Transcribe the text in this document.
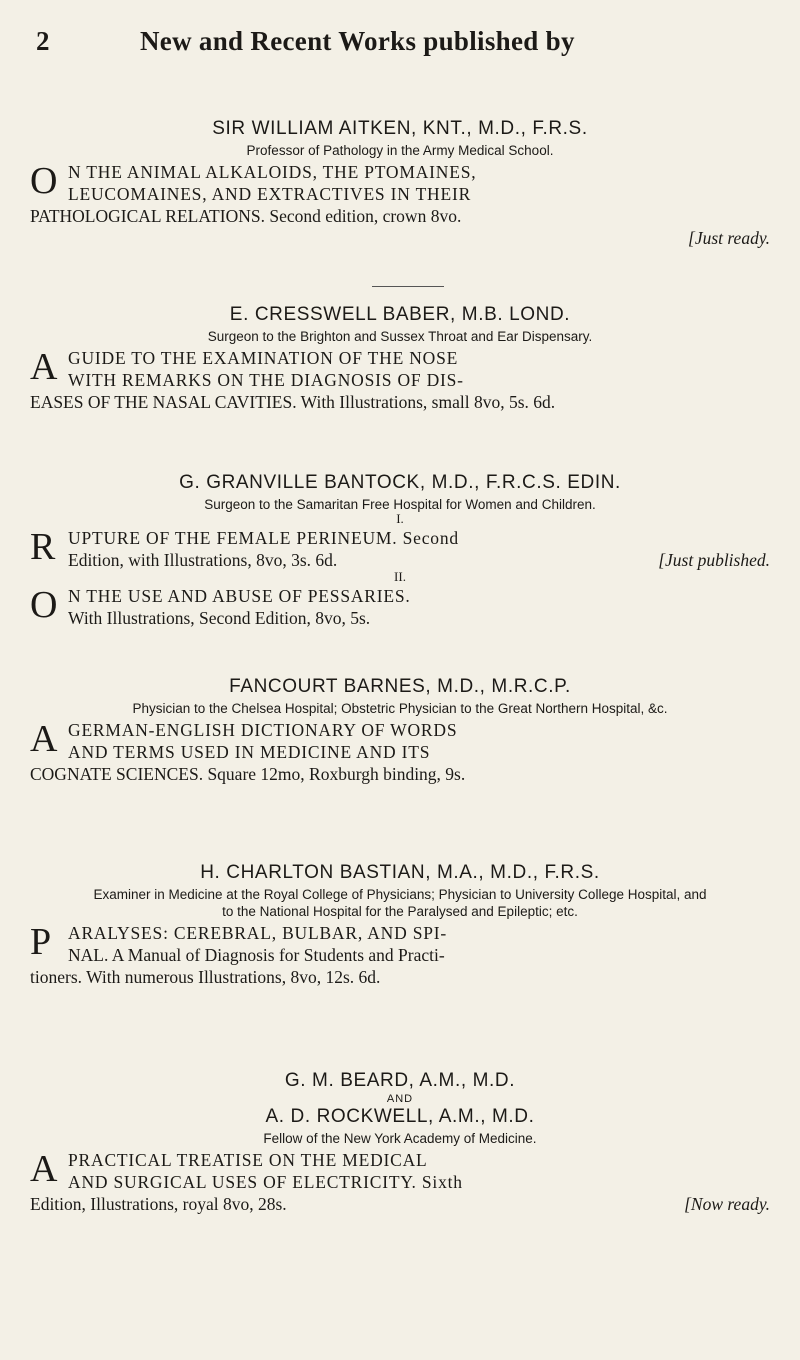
2	New and Recent Works published by

SIR WILLIAM AITKEN, KNT., M.D., F.R.S.

Professor of Pathology in the Army Medical School.

O N THE ANIMAL ALKALOIDS, THE PTOMAINES,
LEUCOMAINES, AND EXTRACTIVES IN THEIR
PATHOLOGICAL RELATIONS. Second edition, crown 8vo.
[Just ready.

E. CRESSWELL BABER, M.B. LOND.

Surgeon to the Brighton and Sussex Throat and Ear Dispensary.

A GUIDE TO THE EXAMINATION OF THE NOSE
WITH REMARKS ON THE DIAGNOSIS OF DIS-
EASES OF THE NASAL CAVITIES. With Illustrations, small 8vo, 5s. 6d.

G. GRANVILLE BANTOCK, M.D., F.R.C.S. EDIN.

Surgeon to the Samaritan Free Hospital for Women and Children.

I.
R UPTURE OF THE FEMALE PERINEUM. Second
Edition, with Illustrations, 8vo, 3s. 6d.	[Just published.
II.
O N THE USE AND ABUSE OF PESSARIES.
With Illustrations, Second Edition, 8vo, 5s.

FANCOURT BARNES, M.D., M.R.C.P.

Physician to the Chelsea Hospital; Obstetric Physician to the Great Northern Hospital, &c.

A GERMAN-ENGLISH DICTIONARY OF WORDS
AND TERMS USED IN MEDICINE AND ITS
COGNATE SCIENCES. Square 12mo, Roxburgh binding, 9s.

H. CHARLTON BASTIAN, M.A., M.D., F.R.S.

Examiner in Medicine at the Royal College of Physicians; Physician to University College Hospital, and to the National Hospital for the Paralysed and Epileptic; etc.

P ARALYSES: CEREBRAL, BULBAR, AND SPI-
NAL. A Manual of Diagnosis for Students and Practi-
tioners. With numerous Illustrations, 8vo, 12s. 6d.

G. M. BEARD, A.M., M.D.

AND

A. D. ROCKWELL, A.M., M.D.

Fellow of the New York Academy of Medicine.

A PRACTICAL TREATISE ON THE MEDICAL
AND SURGICAL USES OF ELECTRICITY. Sixth
Edition, Illustrations, royal 8vo, 28s.	[Now ready.
